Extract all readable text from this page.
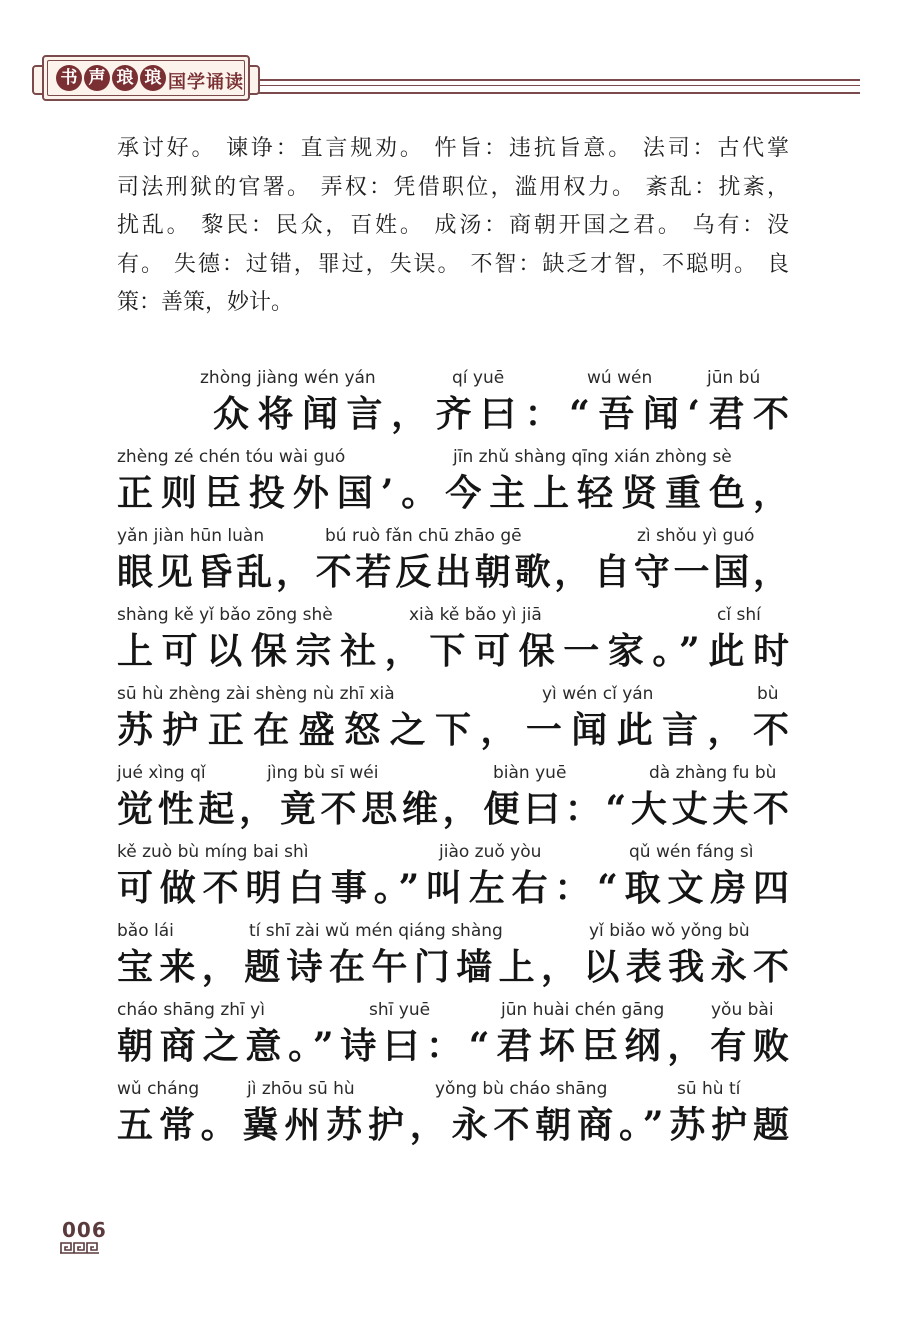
书 声 琅 琅 国学诵读

承讨好。 谏诤：直言规劝。 忤旨：违抗旨意。 法司：古代掌

司法刑狱的官署。 弄权：凭借职位，滥用权力。 紊乱：扰紊，

扰乱。 黎民：民众，百姓。 成汤：商朝开国之君。 乌有：没

有。 失德：过错，罪过，失误。 不智：缺乏才智，不聪明。 良

策：善策，妙计。

zhòng jiàng wén yán	qí yuē	wú wén	jūn bú
众将闻言，齐曰：“吾闻‘君不
zhèng zé chén tóu wài guó	jīn zhǔ shàng qīng xián zhòng sè
正则臣投外国’。今主上轻贤重色，
yǎn jiàn hūn luàn	bú ruò fǎn chū zhāo gē	zì shǒu yì guó
眼见昏乱，不若反出朝歌，自守一国，
shàng kě yǐ bǎo zōng shè	xià kě bǎo yì jiā	cǐ shí
上可以保宗社，下可保一家。”此时
sū hù zhèng zài shèng nù zhī xià	yì wén cǐ yán	bù
苏护正在盛怒之下，一闻此言，不
jué xìng qǐ	jìng bù sī wéi	biàn yuē	dà zhàng fu bù
觉性起，竟不思维，便曰：“大丈夫不
kě zuò bù míng bai shì	jiào zuǒ yòu	qǔ wén fáng sì
可做不明白事。”叫左右：“取文房四
bǎo lái	tí shī zài wǔ mén qiáng shàng	yǐ biǎo wǒ yǒng bù
宝来，题诗在午门墙上，以表我永不
cháo shāng zhī yì	shī yuē	jūn huài chén gāng	yǒu bài
朝商之意。”诗曰：“君坏臣纲，有败
wǔ cháng	jì zhōu sū hù	yǒng bù cháo shāng	sū hù tí
五常。冀州苏护，永不朝商。”苏护题
006
